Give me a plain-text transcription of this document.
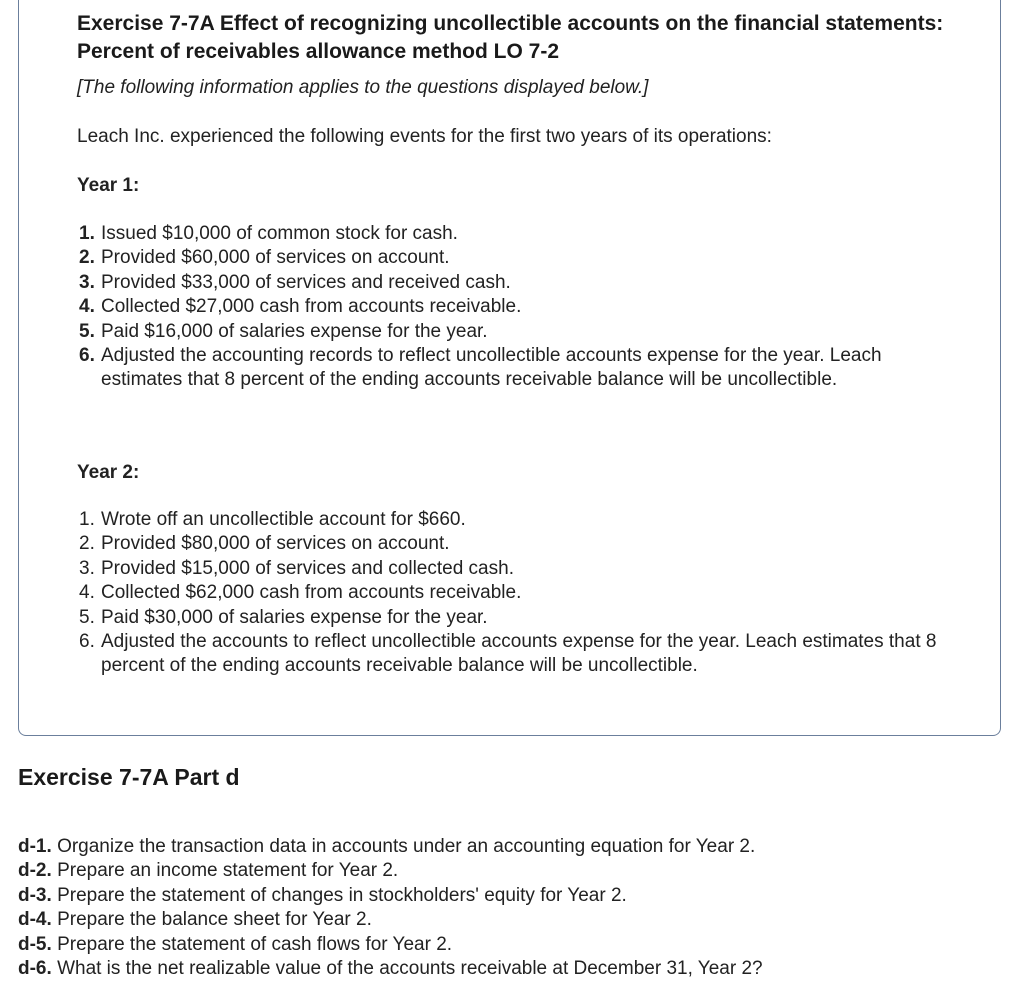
Exercise 7-7A Effect of recognizing uncollectible accounts on the financial statements: Percent of receivables allowance method LO 7-2

[The following information applies to the questions displayed below.]

Leach Inc. experienced the following events for the first two years of its operations:

Year 1:

1. Issued $10,000 of common stock for cash.
2. Provided $60,000 of services on account.
3. Provided $33,000 of services and received cash.
4. Collected $27,000 cash from accounts receivable.
5. Paid $16,000 of salaries expense for the year.
6. Adjusted the accounting records to reflect uncollectible accounts expense for the year. Leach estimates that 8 percent of the ending accounts receivable balance will be uncollectible.

Year 2:

1. Wrote off an uncollectible account for $660.
2. Provided $80,000 of services on account.
3. Provided $15,000 of services and collected cash.
4. Collected $62,000 cash from accounts receivable.
5. Paid $30,000 of salaries expense for the year.
6. Adjusted the accounts to reflect uncollectible accounts expense for the year. Leach estimates that 8 percent of the ending accounts receivable balance will be uncollectible.
Exercise 7-7A Part d
d-1. Organize the transaction data in accounts under an accounting equation for Year 2.
d-2. Prepare an income statement for Year 2.
d-3. Prepare the statement of changes in stockholders' equity for Year 2.
d-4. Prepare the balance sheet for Year 2.
d-5. Prepare the statement of cash flows for Year 2.
d-6. What is the net realizable value of the accounts receivable at December 31, Year 2?
